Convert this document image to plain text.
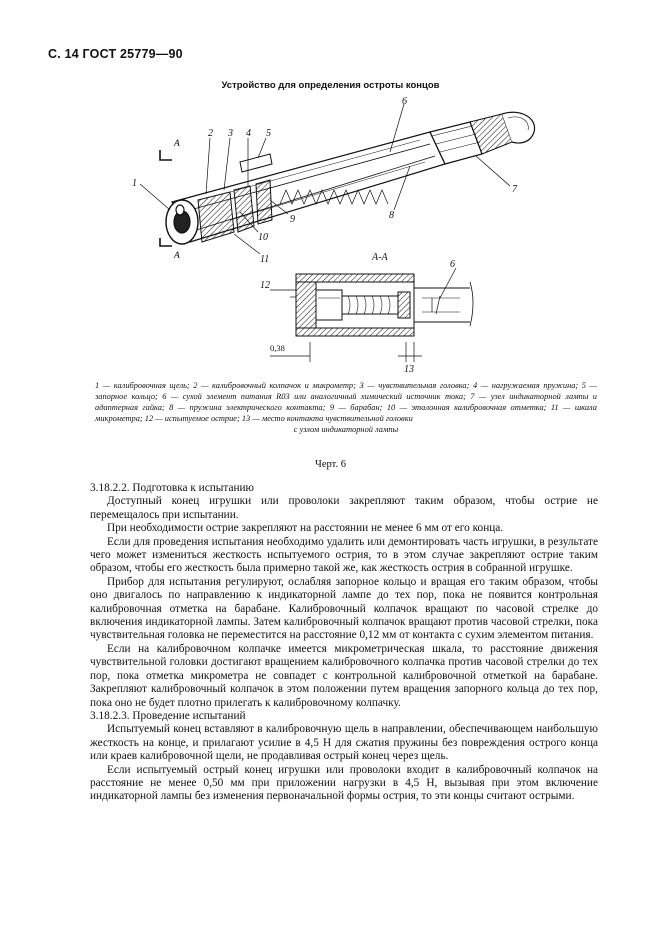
С. 14 ГОСТ 25779—90
Устройство для определения остроты концов
А
А
1
2 3 4 5
6
7
8
9
10
11	А-А
12
6
0,38
13
1 — калибровочная щель; 2 — калибровочный колпачок и микрометр; 3 — чувствительная головка; 4 — нагружаемая пружина; 5 — запорное кольцо; 6 — сухой элемент питания R03 или аналогичный химический источник тока; 7 — узел индикаторной лампы и адаптерная гайка; 8 — пружина электрического контакта; 9 — барабан; 10 — эталонная калибровочная отметка; 11 — шкала микрометра; 12 — испытуемое острие; 13 — место контакта чувствительной головки
с узлом индикаторной лампы
Черт. 6

3.18.2.2. Подготовка к испытанию

Доступный конец игрушки или проволоки закрепляют таким образом, чтобы острие не перемещалось при испытании.

При необходимости острие закрепляют на расстоянии не менее 6 мм от его конца.

Если для проведения испытания необходимо удалить или демонтировать часть игрушки, в результате чего может измениться жесткость испытуемого острия, то в этом случае закрепляют острие таким образом, чтобы его жесткость была примерно такой же, как жесткость острия в собранной игрушке.

Прибор для испытания регулируют, ослабляя запорное кольцо и вращая его таким образом, чтобы оно двигалось по направлению к индикаторной лампе до тех пор, пока не появится контрольная калибровочная отметка на барабане. Калибровочный колпачок вращают по часовой стрелке до включения индикаторной лампы. Затем калибровочный колпачок вращают против часовой стрелки, пока чувствительная головка не переместится на расстояние 0,12 мм от контакта с сухим элементом питания.

Если на калибровочном колпачке имеется микрометрическая шкала, то расстояние движения чувствительной головки достигают вращением калибровочного колпачка против часовой стрелки до тех пор, пока отметка микрометра не совпадет с контрольной калибровочной отметкой на барабане. Закрепляют калибровочный колпачок в этом положении путем вращения запорного кольца до тех пор, пока оно не будет плотно прилегать к калибровочному колпачку.

3.18.2.3. Проведение испытаний

Испытуемый конец вставляют в калибровочную щель в направлении, обеспечивающем наибольшую жесткость на конце, и прилагают усилие в 4,5 Н для сжатия пружины без повреждения острого конца или краев калибровочной щели, не продавливая острый конец через щель.

Если испытуемый острый конец игрушки или проволоки входит в калибровочный колпачок на расстояние не менее 0,50 мм при приложении нагрузки в 4,5 Н, вызывая при этом включение индикаторной лампы без изменения первоначальной формы острия, то эти концы считают острыми.
